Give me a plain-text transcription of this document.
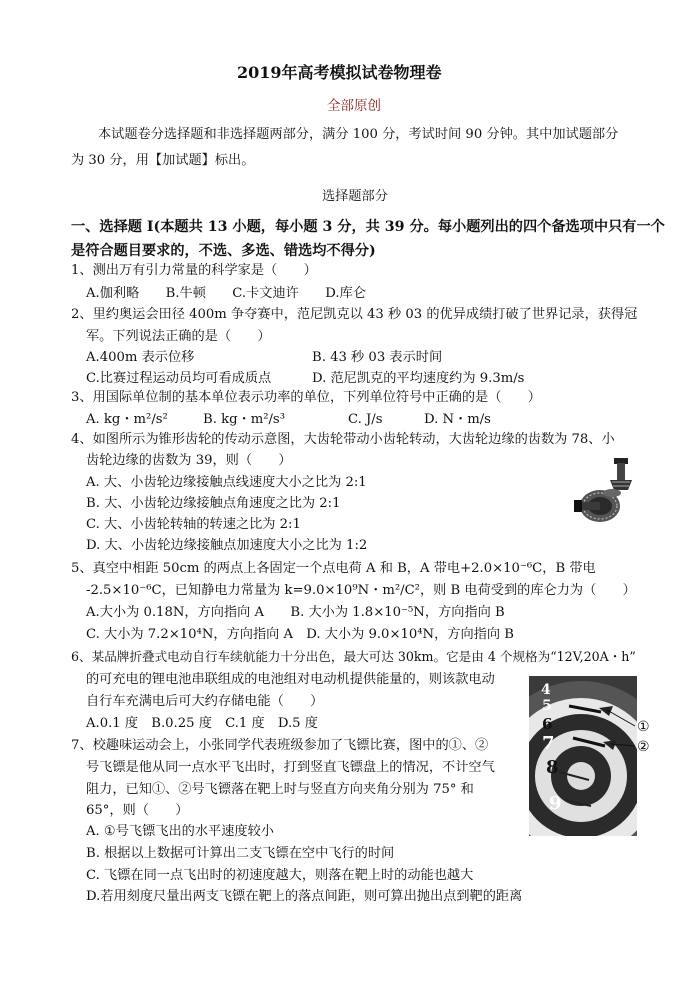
2019年高考模拟试卷物理卷
全部原创
本试题卷分选择题和非选择题两部分，满分 100 分，考试时间 90 分钟。其中加试题部分
为 30 分，用【加试题】标出。
选择题部分
一、选择题 I(本题共 13 小题，每小题 3 分，共 39 分。每小题列出的四个备选项中只有一个
是符合题目要求的，不选、多选、错选均不得分)
1、测出万有引力常量的科学家是（　　）
A.伽利略　　B.牛顿　　C.卡文迪许　　D.库仑
2、里约奥运会田径 400m 争夺赛中，范尼凯克以 43 秒 03 的优异成绩打破了世界记录，获得冠
军。下列说法正确的是（　　）
A.400m 表示位移	B. 43 秒 03 表示时间
C.比赛过程运动员均可看成质点	D. 范尼凯克的平均速度约为 9.3m/s
3、用国际单位制的基本单位表示功率的单位，下列单位符号中正确的是（　　）
A. kg・m²/s²	B. kg・m²/s³	C. J/s	D. N・m/s
4、如图所示为锥形齿轮的传动示意图，大齿轮带动小齿轮转动，大齿轮边缘的齿数为 78、小
齿轮边缘的齿数为 39，则（　　）
A. 大、小齿轮边缘接触点线速度大小之比为 2:1
B. 大、小齿轮边缘接触点角速度之比为 2:1
C. 大、小齿轮转轴的转速之比为 2:1
D. 大、小齿轮边缘接触点加速度大小之比为 1:2
5、真空中相距 50cm 的两点上各固定一个点电荷 A 和 B，A 带电+2.0×10⁻⁶C，B 带电
-2.5×10⁻⁶C，已知静电力常量为 k=9.0×10⁹N・m²/C²，则 B 电荷受到的库仑力为（　　）
A.大小为 0.18N，方向指向 A　　B. 大小为 1.8×10⁻⁵N，方向指向 B
C. 大小为 7.2×10⁴N，方向指向 A　D. 大小为 9.0×10⁴N，方向指向 B
6、某品牌折叠式电动自行车续航能力十分出色，最大可达 30km。它是由 4 个规格为“12V,20A・h”
的可充电的锂电池串联组成的电池组对电动机提供能量的，则该款电动
自行车充满电后可大约存储电能（　　）
A.0.1 度　B.0.25 度　C.1 度　D.5 度
4
5
6
7
8
9
①
②
7、校趣味运动会上，小张同学代表班级参加了飞镖比赛，图中的①、②
号飞镖是他从同一点水平飞出时，打到竖直飞镖盘上的情况，不计空气
阻力，已知①、②号飞镖落在靶上时与竖直方向夹角分别为 75° 和
65°，则（　　）
A. ①号飞镖飞出的水平速度较小
B. 根据以上数据可计算出二支飞镖在空中飞行的时间
C. 飞镖在同一点飞出时的初速度越大，则落在靶上时的动能也越大
D.若用刻度尺量出两支飞镖在靶上的落点间距，则可算出抛出点到靶的距离
